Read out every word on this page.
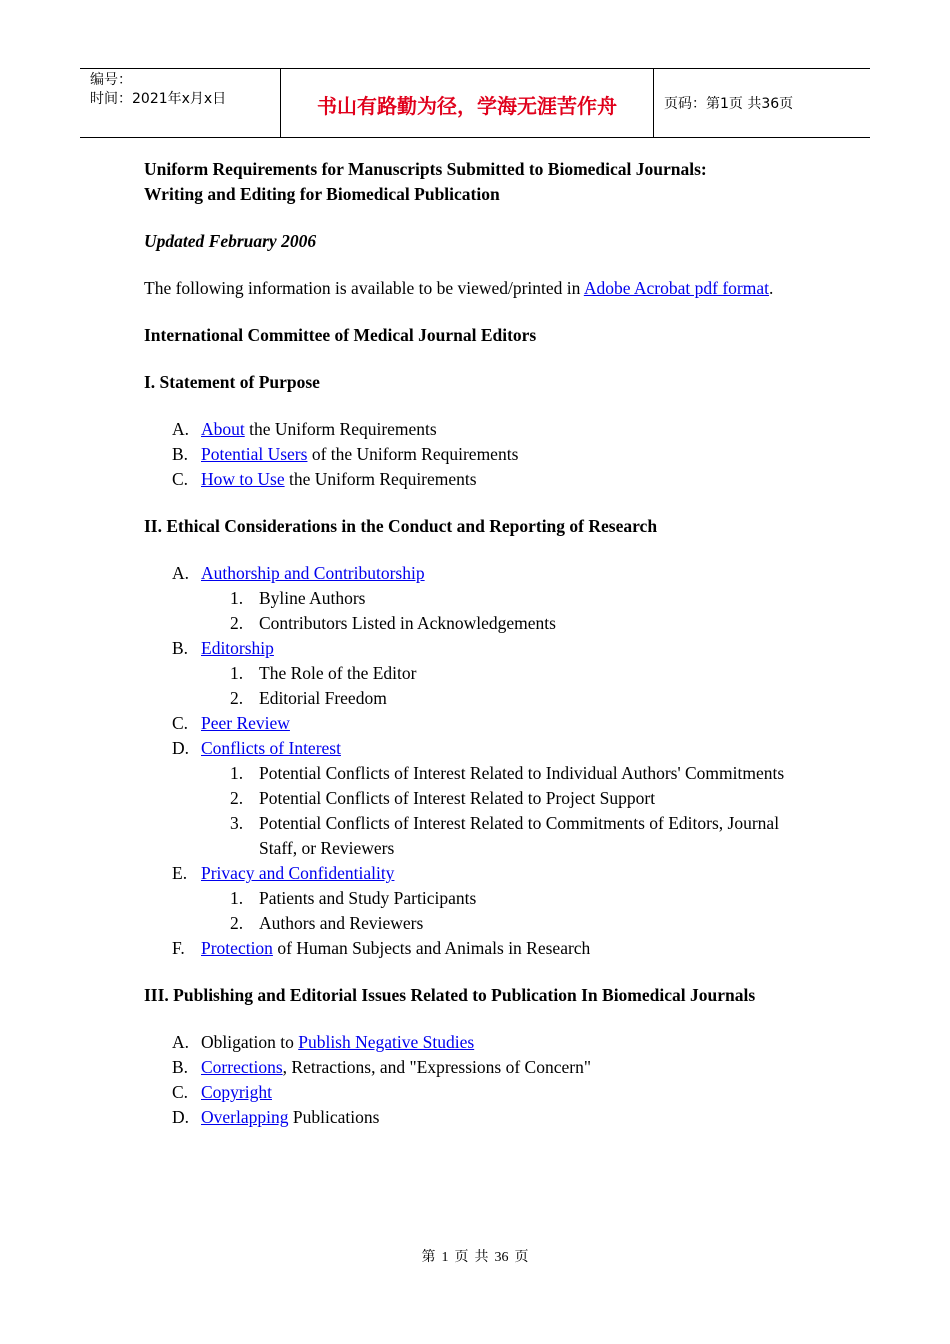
编号：
时间：2021年x月x日	书山有路勤为径，学海无涯苦作舟	页码：第1页 共36页

Uniform Requirements for Manuscripts Submitted to Biomedical Journals:
Writing and Editing for Biomedical Publication

Updated February 2006

The following information is available to be viewed/printed in Adobe Acrobat pdf format.

International Committee of Medical Journal Editors

I. Statement of Purpose

A. About the Uniform Requirements
B. Potential Users of the Uniform Requirements
C. How to Use the Uniform Requirements

II. Ethical Considerations in the Conduct and Reporting of Research

A. Authorship and Contributorship
1. Byline Authors
2. Contributors Listed in Acknowledgements
B. Editorship
1. The Role of the Editor
2. Editorial Freedom
C. Peer Review
D. Conflicts of Interest
1. Potential Conflicts of Interest Related to Individual Authors' Commitments
2. Potential Conflicts of Interest Related to Project Support
3. Potential Conflicts of Interest Related to Commitments of Editors, Journal Staff, or Reviewers
E. Privacy and Confidentiality
1. Patients and Study Participants
2. Authors and Reviewers
F. Protection of Human Subjects and Animals in Research

III. Publishing and Editorial Issues Related to Publication In Biomedical Journals

A. Obligation to Publish Negative Studies
B. Corrections, Retractions, and "Expressions of Concern"
C. Copyright
D. Overlapping Publications
第 1 页 共 36 页
